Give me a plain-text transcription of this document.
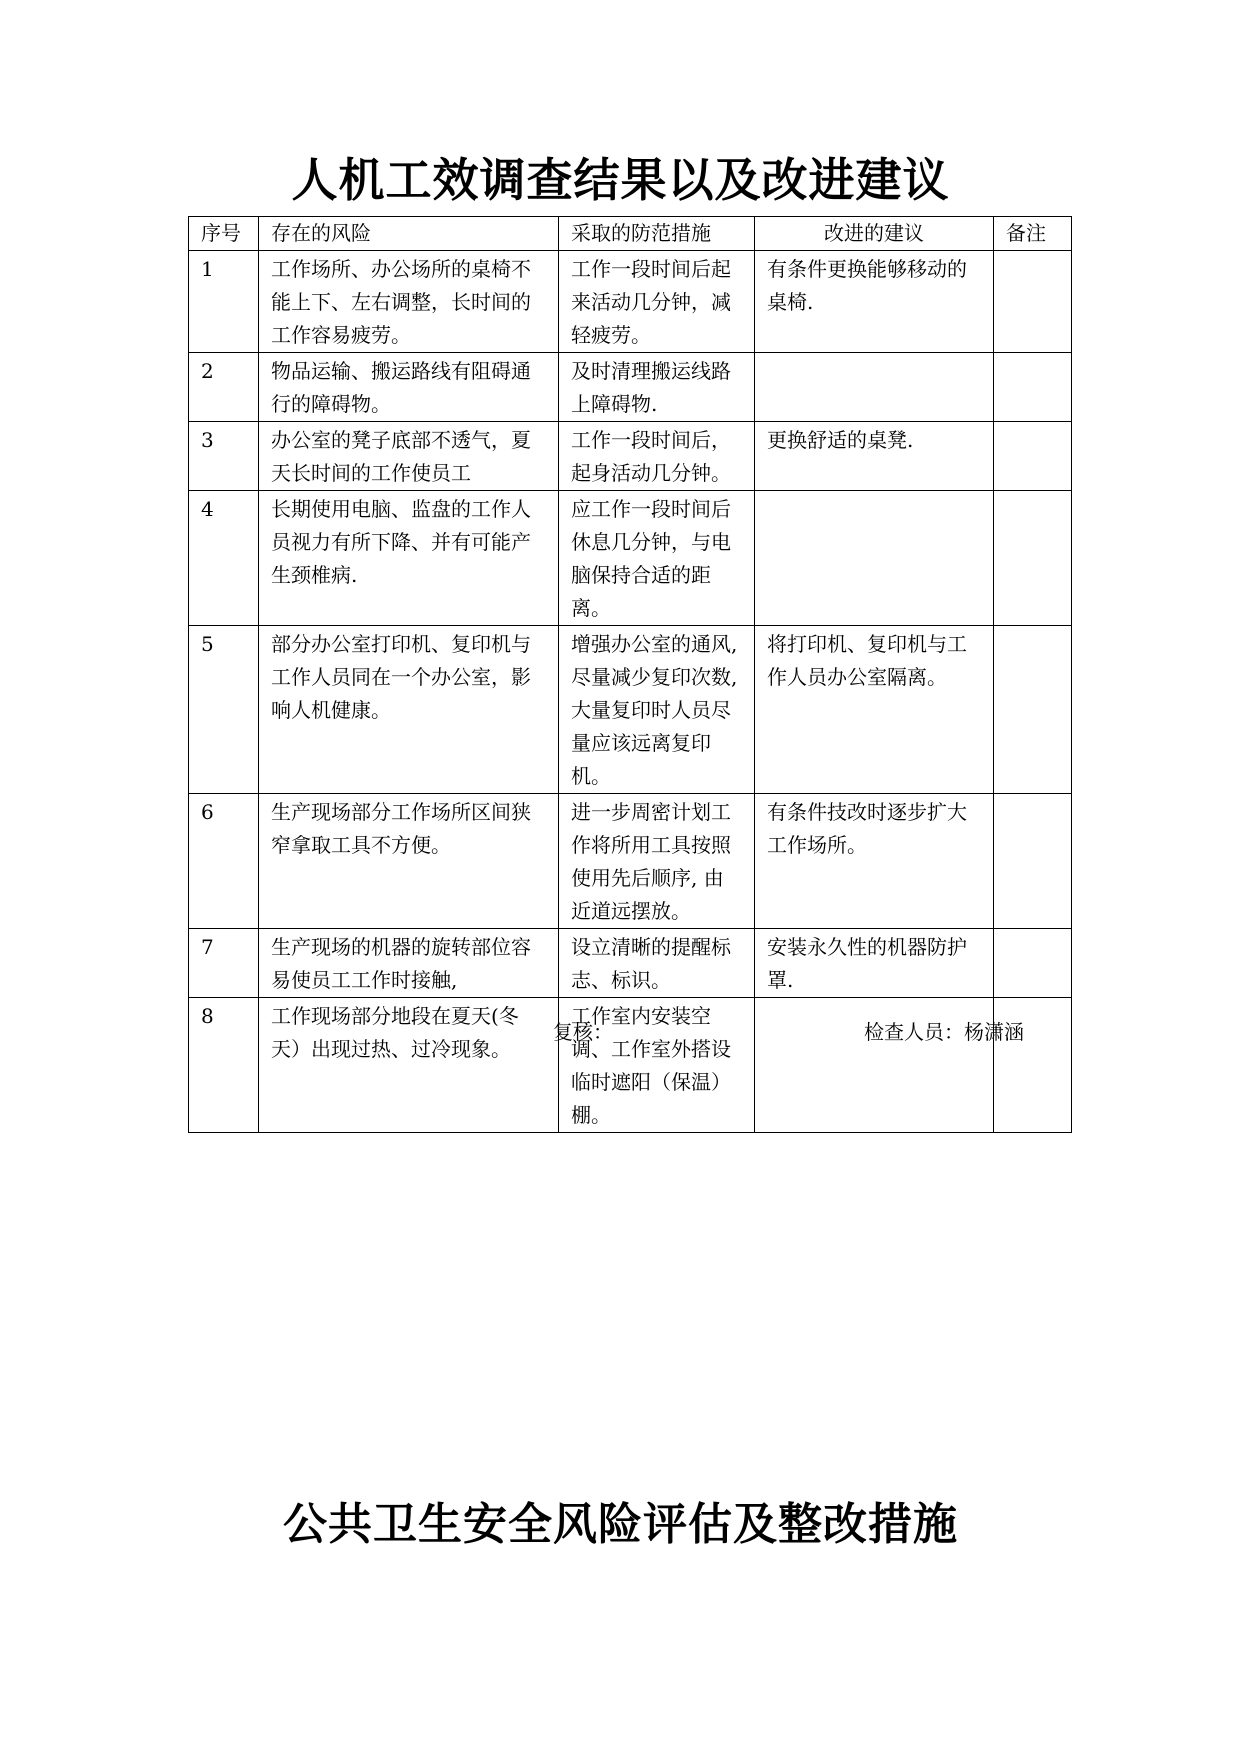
人机工效调查结果以及改进建议
序号	存在的风险	采取的防范措施	改进的建议	备注
1	工作场所、办公场所的桌椅不能上下、左右调整，长时间的工作容易疲劳。	工作一段时间后起来活动几分钟，减轻疲劳。	有条件更换能够移动的桌椅.	
2	物品运输、搬运路线有阻碍通行的障碍物。	及时清理搬运线路上障碍物.		
3	办公室的凳子底部不透气，夏天长时间的工作使员工	工作一段时间后，起身活动几分钟。	更换舒适的桌凳.	
4	长期使用电脑、监盘的工作人员视力有所下降、并有可能产生颈椎病.	应工作一段时间后休息几分钟，与电脑保持合适的距离。		
5	部分办公室打印机、复印机与工作人员同在一个办公室，影响人机健康。	增强办公室的通风,尽量减少复印次数,大量复印时人员尽量应该远离复印机。	将打印机、复印机与工作人员办公室隔离。	
6	生产现场部分工作场所区间狭窄拿取工具不方便。	进一步周密计划工作将所用工具按照使用先后顺序, 由近道远摆放。	有条件技改时逐步扩大工作场所。	
7	生产现场的机器的旋转部位容易使员工工作时接触,	设立清晰的提醒标志、标识。	安装永久性的机器防护罩.	
8	工作现场部分地段在夏天(冬天）出现过热、过冷现象。	工作室内安装空调、工作室外搭设临时遮阳（保温）棚。		
复核：	检查人员：杨潇涵
公共卫生安全风险评估及整改措施
